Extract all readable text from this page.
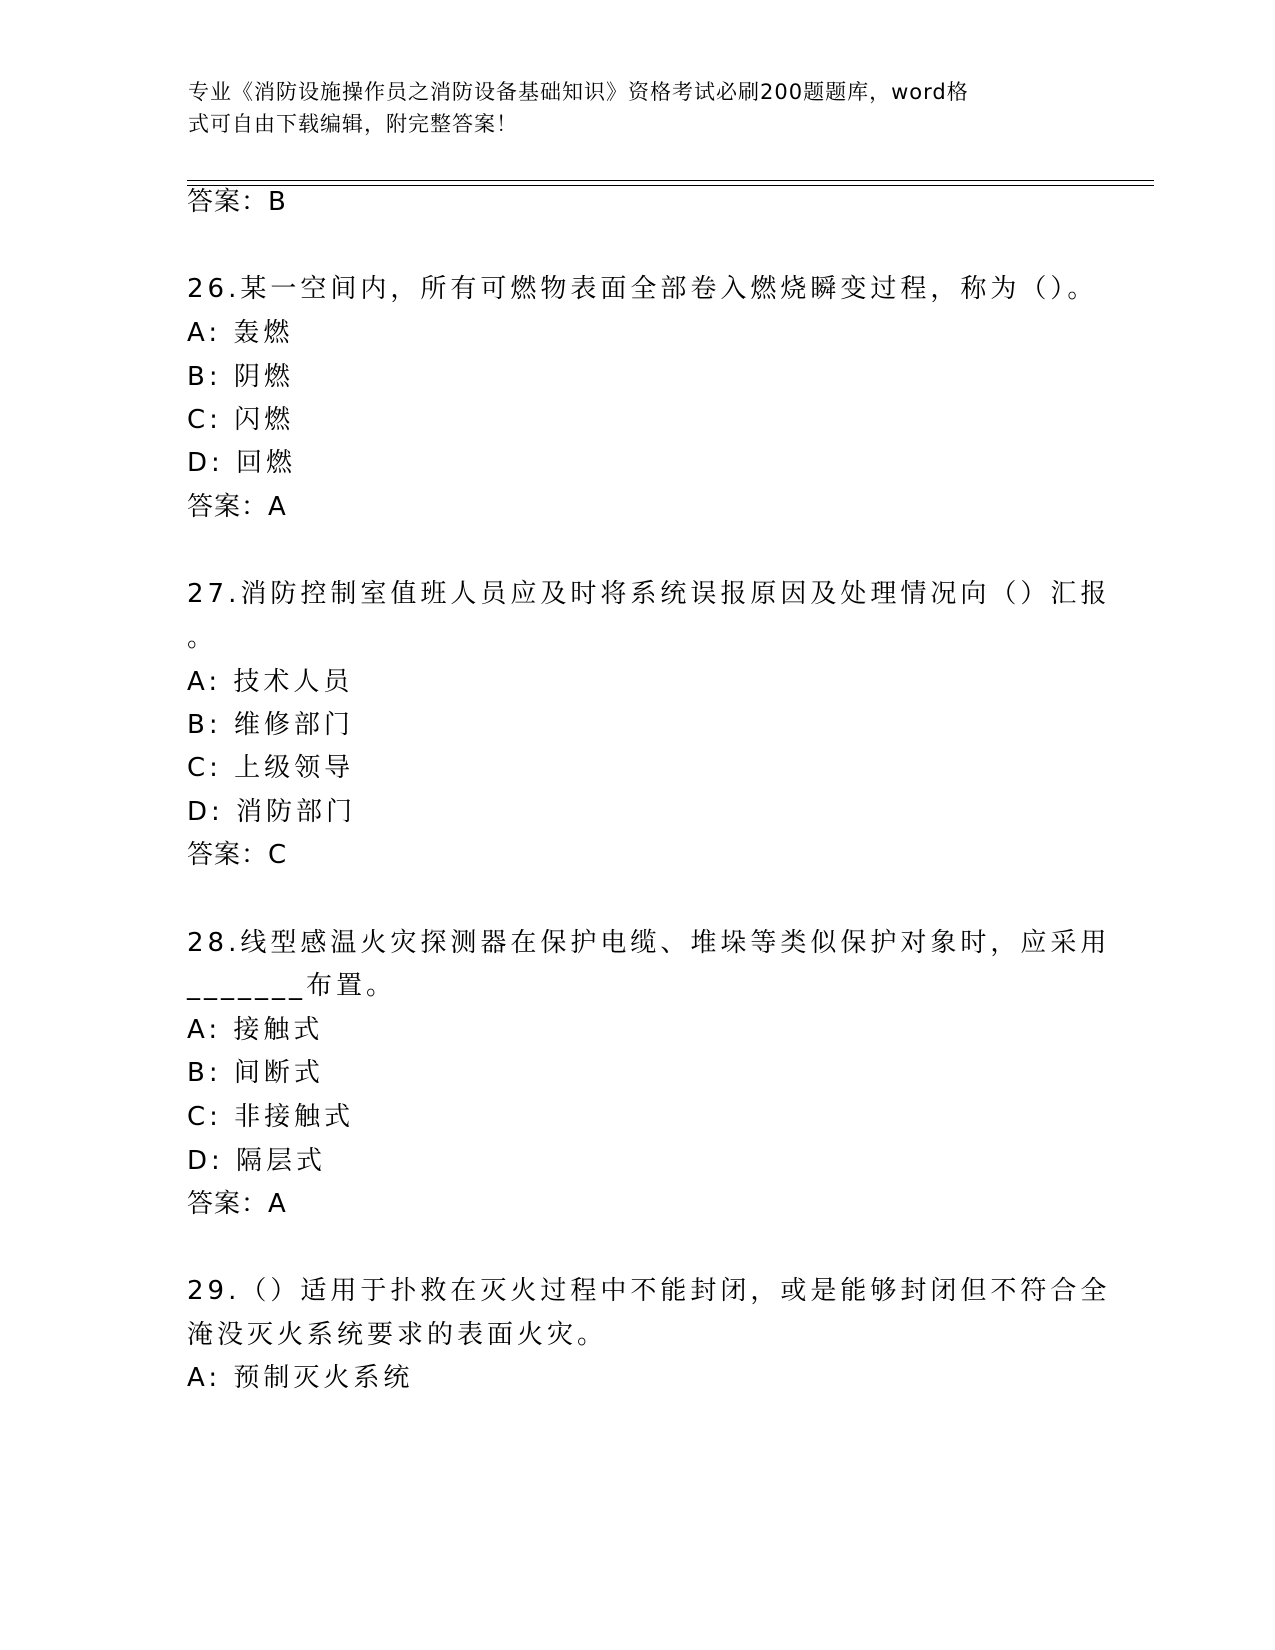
专业《消防设施操作员之消防设备基础知识》资格考试必刷200题题库，word格
式可自由下载编辑，附完整答案！
答案：B
26.某一空间内，所有可燃物表面全部卷入燃烧瞬变过程，称为（）。
A: 轰燃
B: 阴燃
C: 闪燃
D: 回燃
答案：A
27.消防控制室值班人员应及时将系统误报原因及处理情况向（）汇报
。
A: 技术人员
B: 维修部门
C: 上级领导
D: 消防部门
答案：C
28.线型感温火灾探测器在保护电缆、堆垛等类似保护对象时，应采用
_______布置。
A: 接触式
B: 间断式
C: 非接触式
D: 隔层式
答案：A
29.（）适用于扑救在灭火过程中不能封闭，或是能够封闭但不符合全
淹没灭火系统要求的表面火灾。
A: 预制灭火系统
